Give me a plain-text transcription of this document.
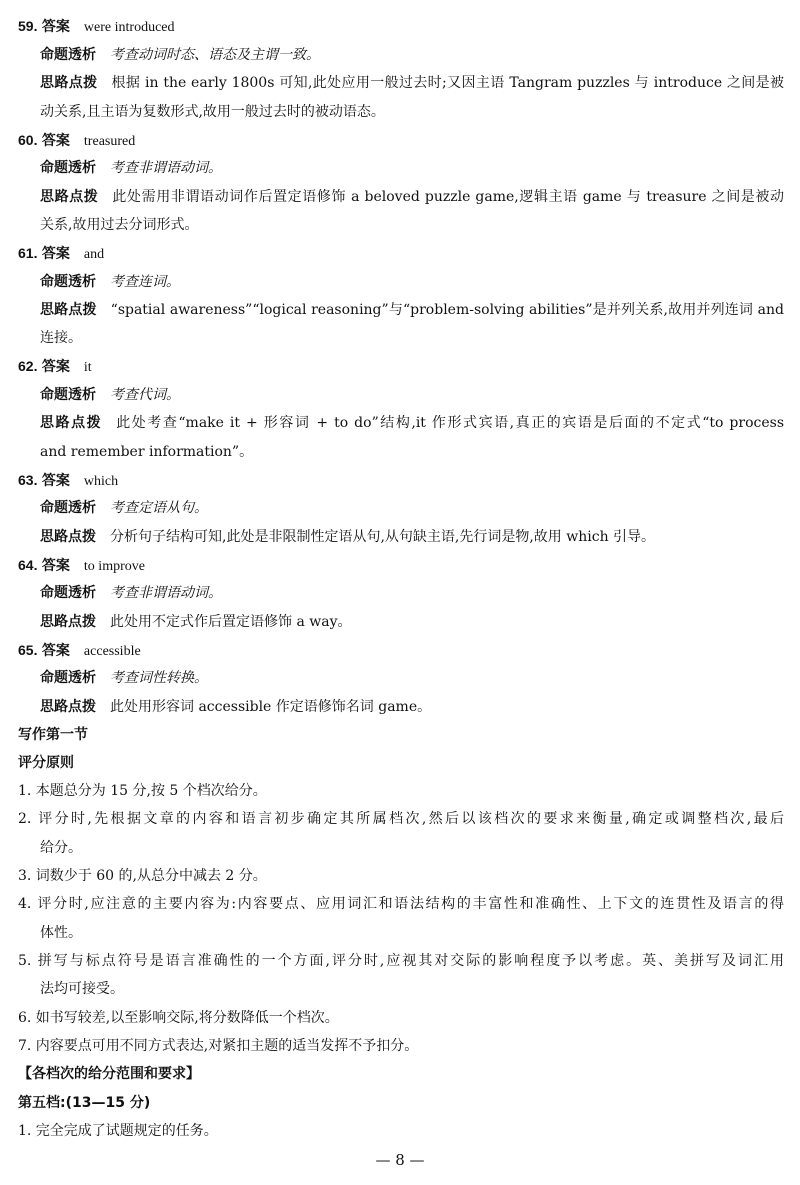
59. 答案 were introduced
命题透析 考查动词时态、语态及主谓一致。
思路点拨 根据 in the early 1800s 可知,此处应用一般过去时;又因主语 Tangram puzzles 与 introduce 之间是被
动关系,且主语为复数形式,故用一般过去时的被动语态。
60. 答案 treasured
命题透析 考查非谓语动词。
思路点拨 此处需用非谓语动词作后置定语修饰 a beloved puzzle game,逻辑主语 game 与 treasure 之间是被动
关系,故用过去分词形式。
61. 答案 and
命题透析 考查连词。
思路点拨 “spatial awareness”“logical reasoning”与“problem-solving abilities”是并列关系,故用并列连词 and
连接。
62. 答案 it
命题透析 考查代词。
思路点拨 此处考查“make it + 形容词 + to do”结构,it 作形式宾语,真正的宾语是后面的不定式“to process
and remember information”。
63. 答案 which
命题透析 考查定语从句。
思路点拨 分析句子结构可知,此处是非限制性定语从句,从句缺主语,先行词是物,故用 which 引导。
64. 答案 to improve
命题透析 考查非谓语动词。
思路点拨 此处用不定式作后置定语修饰 a way。
65. 答案 accessible
命题透析 考查词性转换。
思路点拨 此处用形容词 accessible 作定语修饰名词 game。
写作第一节
评分原则
1. 本题总分为 15 分,按 5 个档次给分。
2. 评分时,先根据文章的内容和语言初步确定其所属档次,然后以该档次的要求来衡量,确定或调整档次,最后
给分。
3. 词数少于 60 的,从总分中减去 2 分。
4. 评分时,应注意的主要内容为:内容要点、应用词汇和语法结构的丰富性和准确性、上下文的连贯性及语言的得
体性。
5. 拼写与标点符号是语言准确性的一个方面,评分时,应视其对交际的影响程度予以考虑。英、美拼写及词汇用
法均可接受。
6. 如书写较差,以至影响交际,将分数降低一个档次。
7. 内容要点可用不同方式表达,对紧扣主题的适当发挥不予扣分。
【各档次的给分范围和要求】
第五档:(13—15 分)
1. 完全完成了试题规定的任务。
— 8 —
